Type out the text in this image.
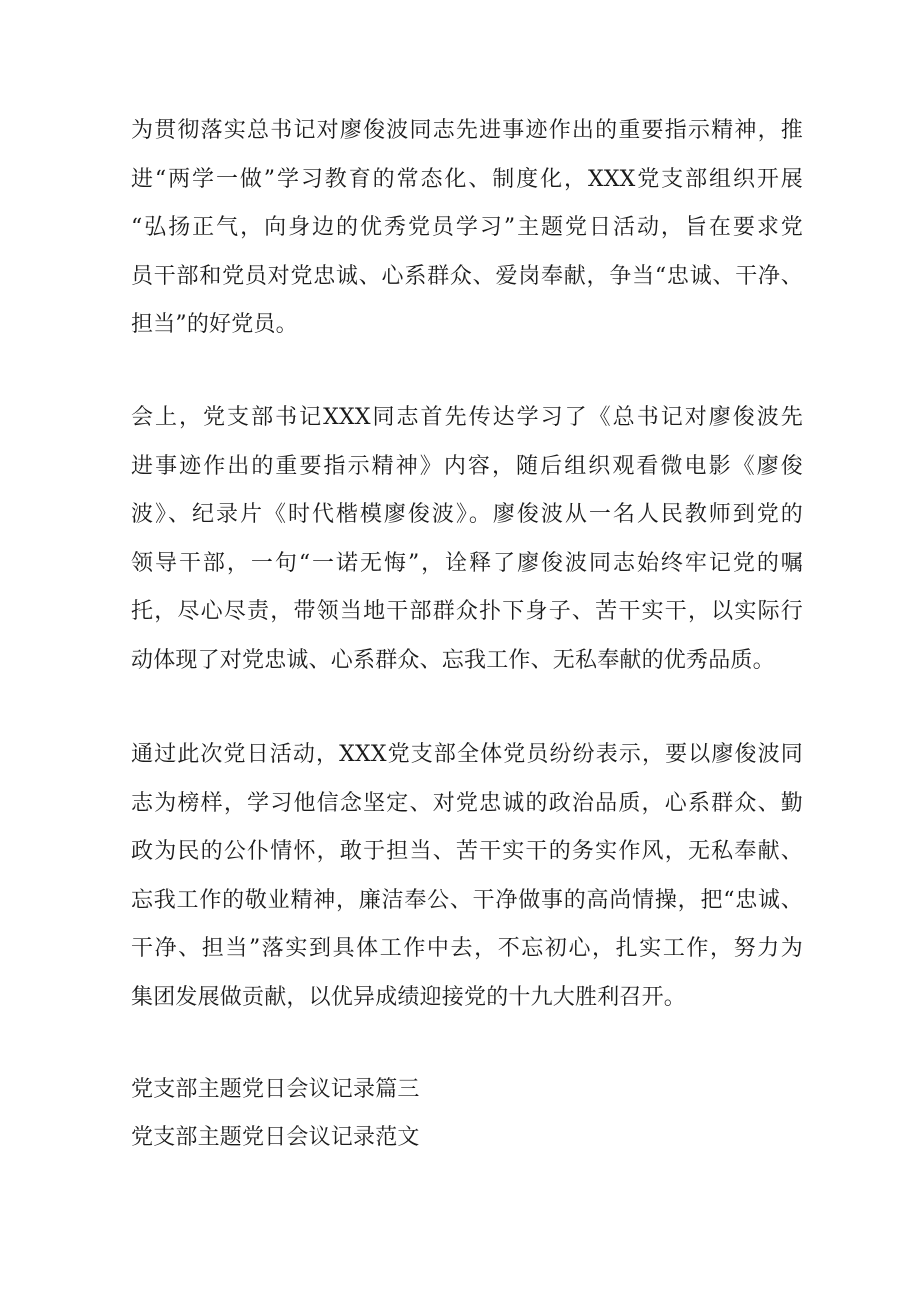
为贯彻落实总书记对廖俊波同志先进事迹作出的重要指示精神，推
进“两学一做”学习教育的常态化、制度化，XXX党支部组织开展
“弘扬正气，向身边的优秀党员学习”主题党日活动，旨在要求党
员干部和党员对党忠诚、心系群众、爱岗奉献，争当“忠诚、干净、
担当”的好党员。
会上，党支部书记XXX同志首先传达学习了《总书记对廖俊波先
进事迹作出的重要指示精神》内容，随后组织观看微电影《廖俊
波》、纪录片《时代楷模廖俊波》。廖俊波从一名人民教师到党的
领导干部，一句“一诺无悔”，诠释了廖俊波同志始终牢记党的嘱
托，尽心尽责，带领当地干部群众扑下身子、苦干实干，以实际行
动体现了对党忠诚、心系群众、忘我工作、无私奉献的优秀品质。
通过此次党日活动，XXX党支部全体党员纷纷表示，要以廖俊波同
志为榜样，学习他信念坚定、对党忠诚的政治品质，心系群众、勤
政为民的公仆情怀，敢于担当、苦干实干的务实作风，无私奉献、
忘我工作的敬业精神，廉洁奉公、干净做事的高尚情操，把“忠诚、
干净、担当”落实到具体工作中去，不忘初心，扎实工作，努力为
集团发展做贡献，以优异成绩迎接党的十九大胜利召开。
党支部主题党日会议记录篇三
党支部主题党日会议记录范文
